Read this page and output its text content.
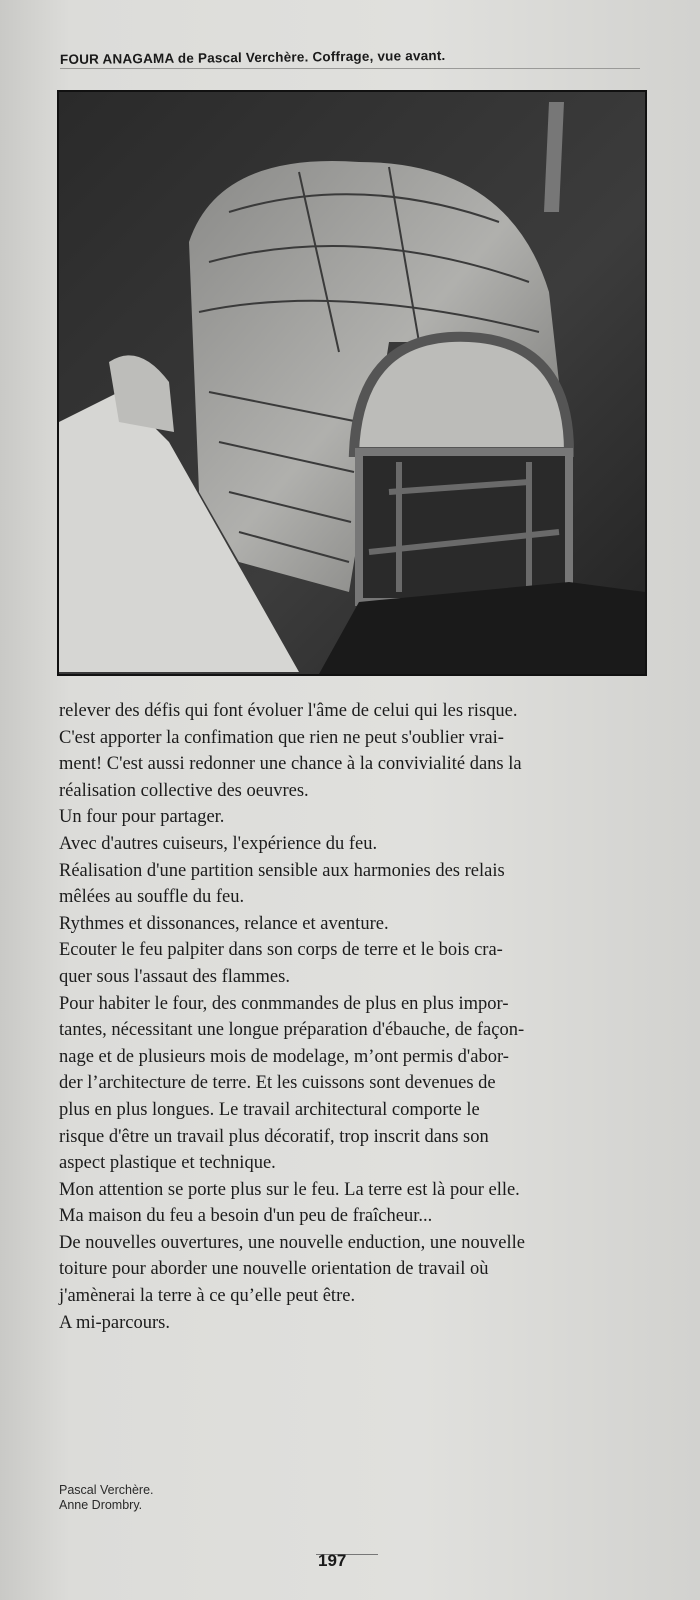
FOUR ANAGAMA de Pascal Verchère. Coffrage, vue avant.
relever des défis qui font évoluer l'âme de celui qui les risque.
C'est apporter la confimation que rien ne peut s'oublier vrai-
ment! C'est aussi redonner une chance à la convivialité dans la
réalisation collective des oeuvres.
Un four pour partager.
Avec d'autres cuiseurs, l'expérience du feu.
Réalisation d'une partition sensible aux harmonies des relais
mêlées au souffle du feu.
Rythmes et dissonances, relance et aventure.
Ecouter le feu palpiter dans son corps de terre et le bois cra-
quer sous l'assaut des flammes.
Pour habiter le four, des conmmandes de plus en plus impor-
tantes, nécessitant une longue préparation d'ébauche, de façon-
nage et de plusieurs mois de modelage, m’ont permis d'abor-
der l’architecture de terre. Et les cuissons sont devenues de
plus en plus longues. Le travail architectural comporte le
risque d'être un travail plus décoratif, trop inscrit dans son
aspect plastique et technique.
Mon attention se porte plus sur le feu. La terre est là pour elle.
Ma maison du feu a besoin d'un peu de fraîcheur...
De nouvelles ouvertures, une nouvelle enduction, une nouvelle
toiture pour aborder une nouvelle orientation de travail où
j'amènerai la terre à ce qu’elle peut être.
A mi-parcours.
Pascal Verchère.
Anne Drombry.
197
